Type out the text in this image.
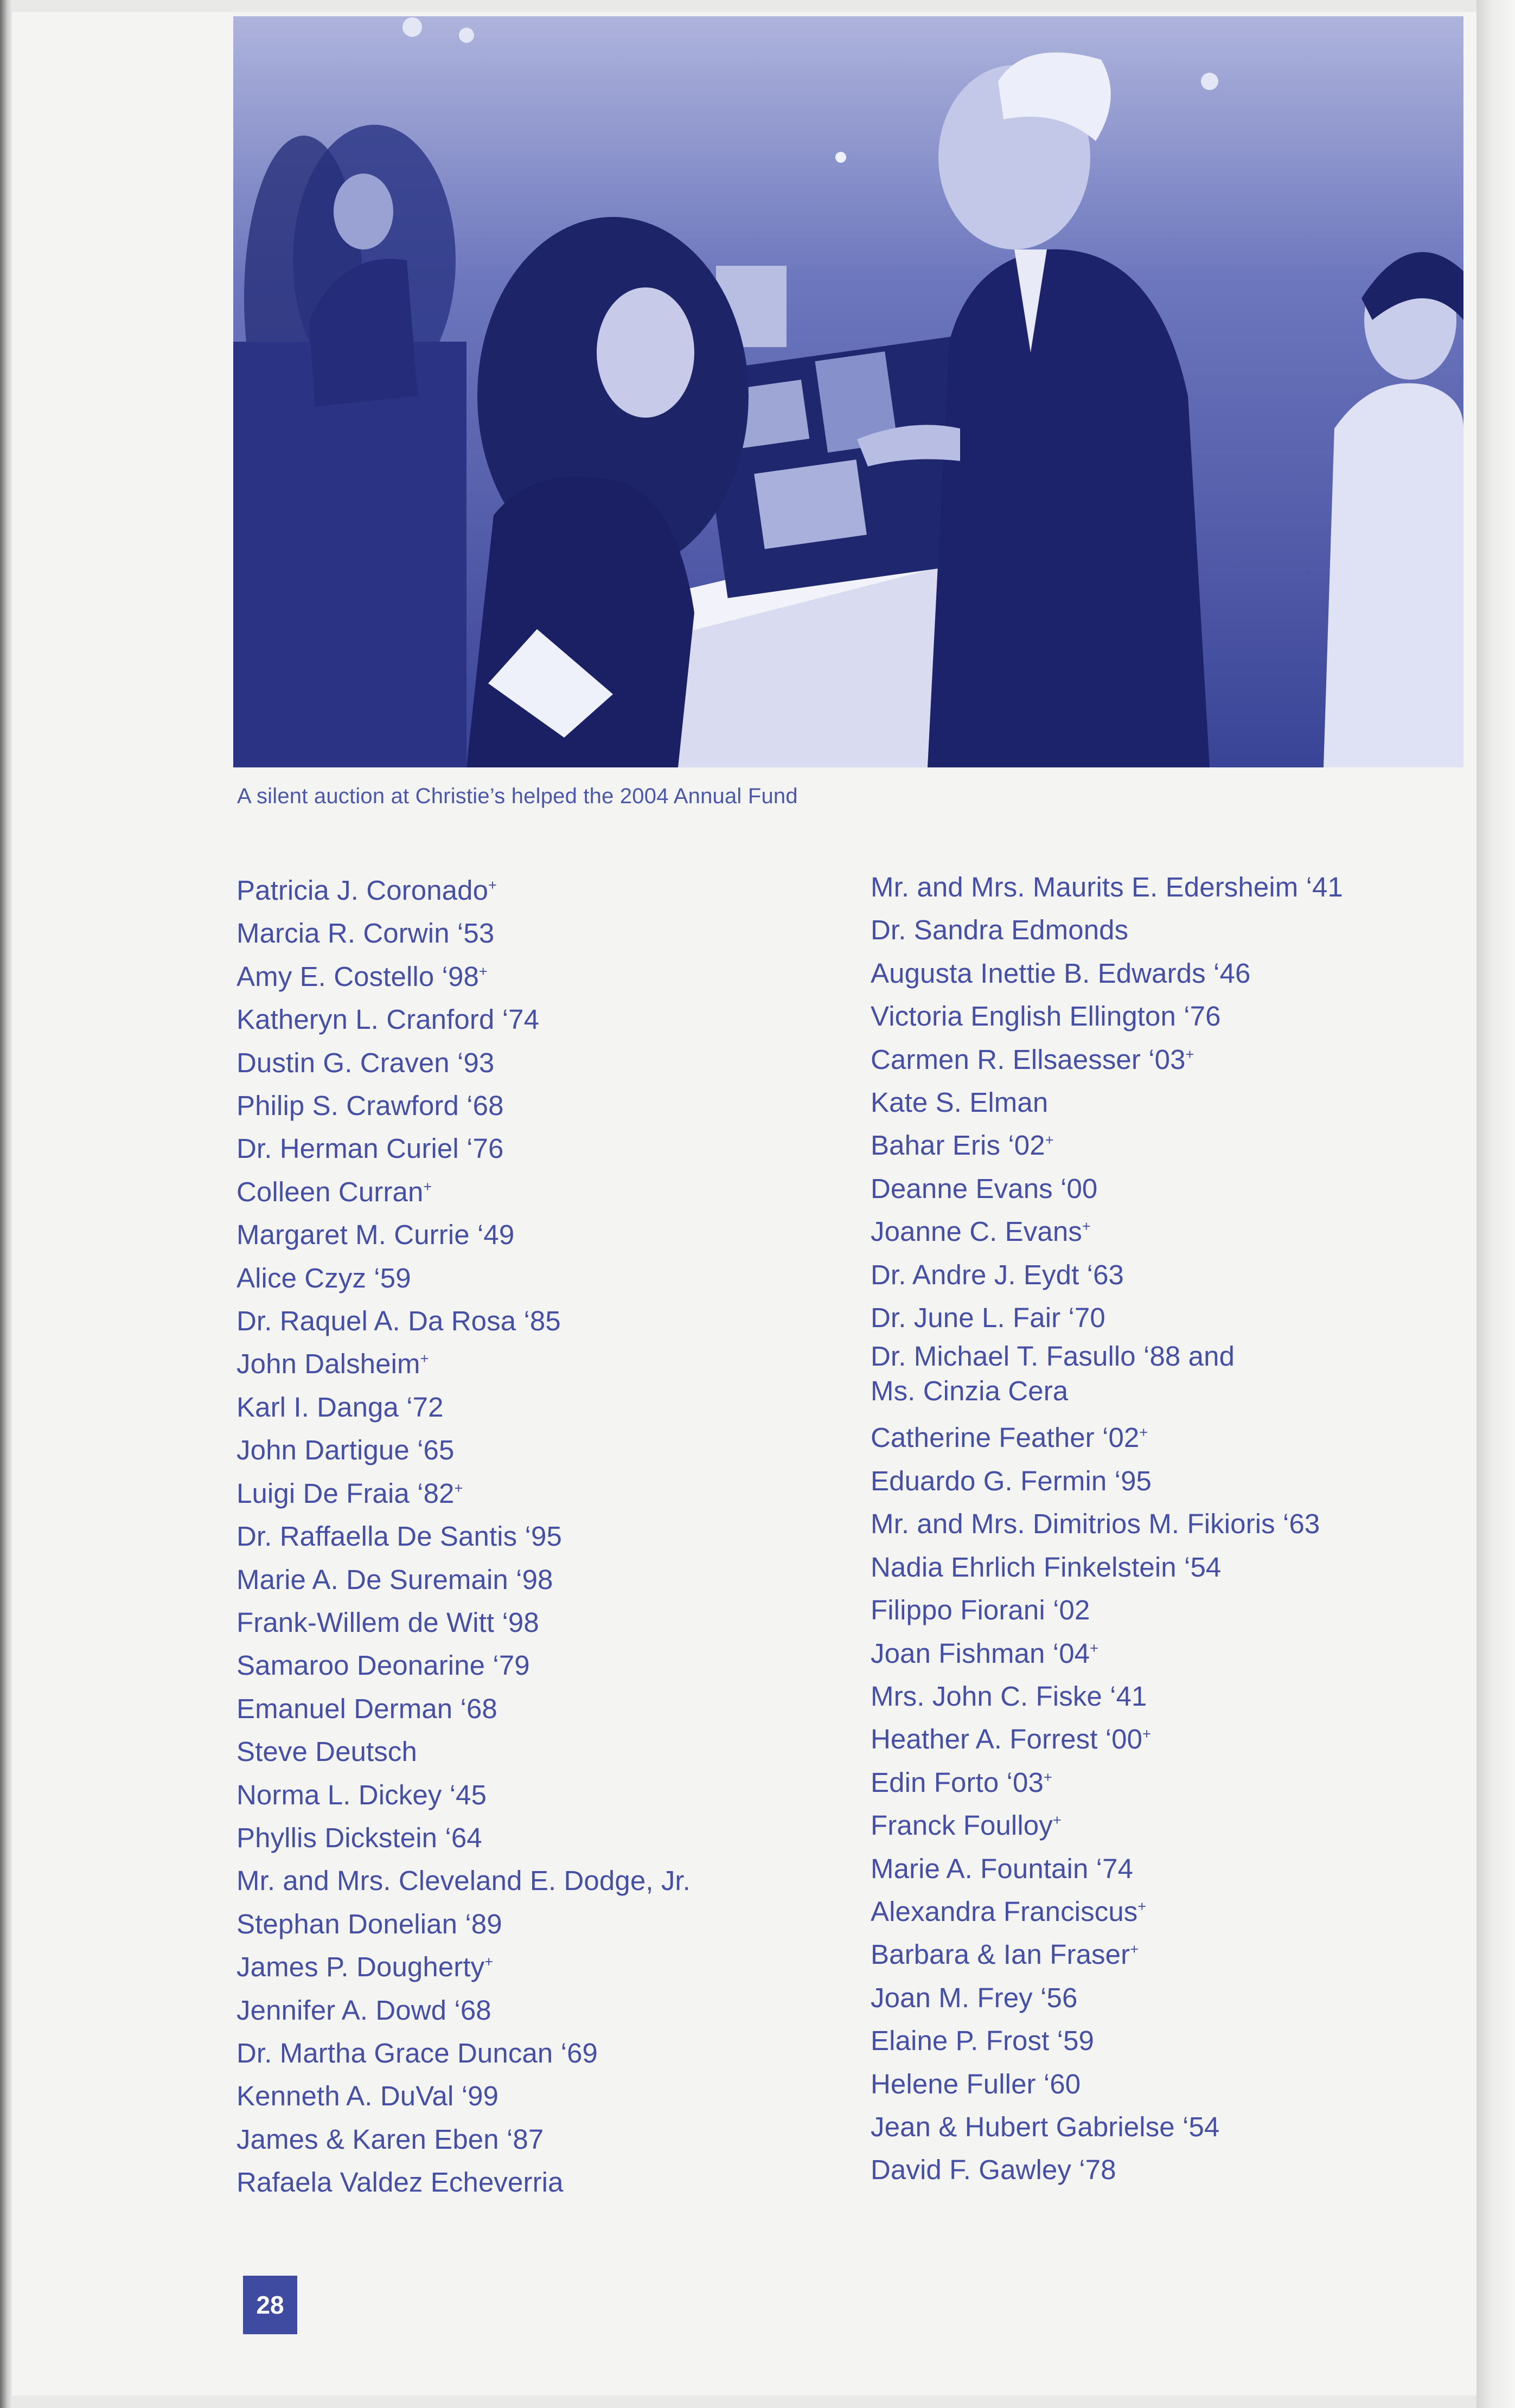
A silent auction at Christie’s helped the 2004 Annual Fund
Patricia J. Coronado+
Marcia R. Corwin ‘53
Amy E. Costello ‘98+
Katheryn L. Cranford ‘74
Dustin G. Craven ‘93
Philip S. Crawford ‘68
Dr. Herman Curiel ‘76
Colleen Curran+
Margaret M. Currie ‘49
Alice Czyz ‘59
Dr. Raquel A. Da Rosa ‘85
John Dalsheim+
Karl I. Danga ‘72
John Dartigue ‘65
Luigi De Fraia ‘82+
Dr. Raffaella De Santis ‘95
Marie A. De Suremain ‘98
Frank-Willem de Witt ‘98
Samaroo Deonarine ‘79
Emanuel Derman ‘68
Steve Deutsch
Norma L. Dickey ‘45
Phyllis Dickstein ‘64
Mr. and Mrs. Cleveland E. Dodge, Jr.
Stephan Donelian ‘89
James P. Dougherty+
Jennifer A. Dowd ‘68
Dr. Martha Grace Duncan ‘69
Kenneth A. DuVal ‘99
James & Karen Eben ‘87
Rafaela Valdez Echeverria
Mr. and Mrs. Maurits E. Edersheim ‘41
Dr. Sandra Edmonds
Augusta Inettie B. Edwards ‘46
Victoria English Ellington ‘76
Carmen R. Ellsaesser ‘03+
Kate S. Elman
Bahar Eris ‘02+
Deanne Evans ‘00
Joanne C. Evans+
Dr. Andre J. Eydt ‘63
Dr. June L. Fair ‘70
Dr. Michael T. Fasullo ‘88 and
Ms. Cinzia Cera
Catherine Feather ‘02+
Eduardo G. Fermin ‘95
Mr. and Mrs. Dimitrios M. Fikioris ‘63
Nadia Ehrlich Finkelstein ‘54
Filippo Fiorani ‘02
Joan Fishman ‘04+
Mrs. John C. Fiske ‘41
Heather A. Forrest ‘00+
Edin Forto ‘03+
Franck Foulloy+
Marie A. Fountain ‘74
Alexandra Franciscus+
Barbara & Ian Fraser+
Joan M. Frey ‘56
Elaine P. Frost ‘59
Helene Fuller ‘60
Jean & Hubert Gabrielse ‘54
David F. Gawley ‘78
28
